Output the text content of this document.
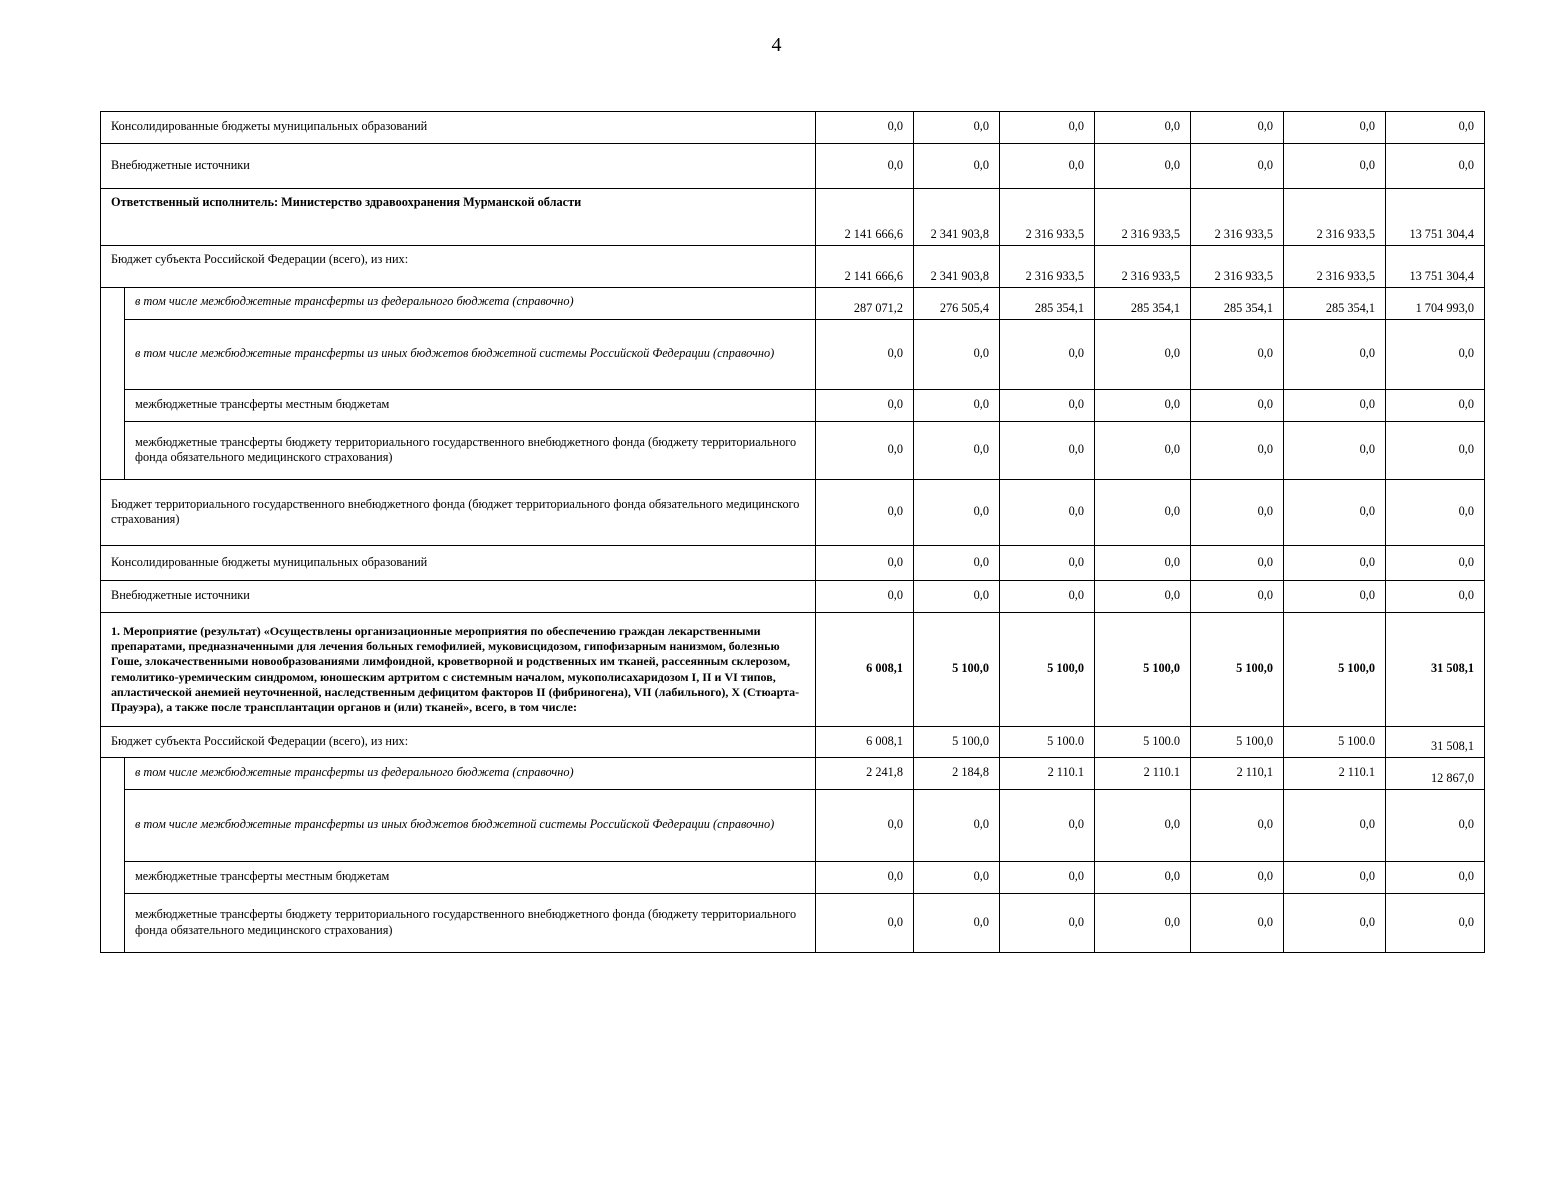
4
Консолидированные бюджеты муниципальных образований		0,0	0,0	0,0	0,0	0,0	0,0	0,0
Внебюджетные источники		0,0	0,0	0,0	0,0	0,0	0,0	0,0
Ответственный исполнитель: Министерство здравоохранения Мурманской области		2 141 666,6	2 341 903,8	2 316 933,5	2 316 933,5	2 316 933,5	2 316 933,5	13 751 304,4
Бюджет субъекта Российской Федерации (всего), из них:		2 141 666,6	2 341 903,8	2 316 933,5	2 316 933,5	2 316 933,5	2 316 933,5	13 751 304,4
	в том числе межбюджетные трансферты из федерального бюджета (справочно)	287 071,2	276 505,4	285 354,1	285 354,1	285 354,1	285 354,1	1 704 993,0
	в том числе межбюджетные трансферты из иных бюджетов бюджетной системы Российской Федерации (справочно)	0,0	0,0	0,0	0,0	0,0	0,0	0,0
	межбюджетные трансферты местным бюджетам	0,0	0,0	0,0	0,0	0,0	0,0	0,0
	межбюджетные трансферты бюджету территориального государственного внебюджетного фонда (бюджету территориального фонда обязательного медицинского страхования)	0,0	0,0	0,0	0,0	0,0	0,0	0,0
Бюджет территориального государственного внебюджетного фонда (бюджет территориального фонда обязательного медицинского страхования)		0,0	0,0	0,0	0,0	0,0	0,0	0,0
Консолидированные бюджеты муниципальных образований		0,0	0,0	0,0	0,0	0,0	0,0	0,0
Внебюджетные источники		0,0	0,0	0,0	0,0	0,0	0,0	0,0
1. Мероприятие (результат) «Осуществлены организационные мероприятия по обеспечению граждан лекарственными препаратами, предназначенными для лечения больных гемофилией, муковисцидозом, гипофизарным нанизмом, болезнью Гоше, злокачественными новообразованиями лимфоидной, кроветворной и родственных им тканей, рассеянным склерозом, гемолитико-уремическим синдромом, юношеским артритом с системным началом, мукополисахаридозом I, II и VI типов, апластической анемией неуточненной, наследственным дефицитом факторов II (фибриногена), VII (лабильного), X (Стюарта-Прауэра), а также после трансплантации органов и (или) тканей», всего, в том числе:		6 008,1	5 100,0	5 100,0	5 100,0	5 100,0	5 100,0	31 508,1
Бюджет субъекта Российской Федерации (всего), из них:		6 008,1	5 100,0	5 100.0	5 100.0	5 100,0	5 100.0	31 508,1
	в том числе межбюджетные трансферты из федерального бюджета (справочно)	2 241,8	2 184,8	2 110.1	2 110.1	2 110,1	2 110.1	12 867,0
	в том числе межбюджетные трансферты из иных бюджетов бюджетной системы Российской Федерации (справочно)	0,0	0,0	0,0	0,0	0,0	0,0	0,0
	межбюджетные трансферты местным бюджетам	0,0	0,0	0,0	0,0	0,0	0,0	0,0
	межбюджетные трансферты бюджету территориального государственного внебюджетного фонда (бюджету территориального фонда обязательного медицинского страхования)	0,0	0,0	0,0	0,0	0,0	0,0	0,0
